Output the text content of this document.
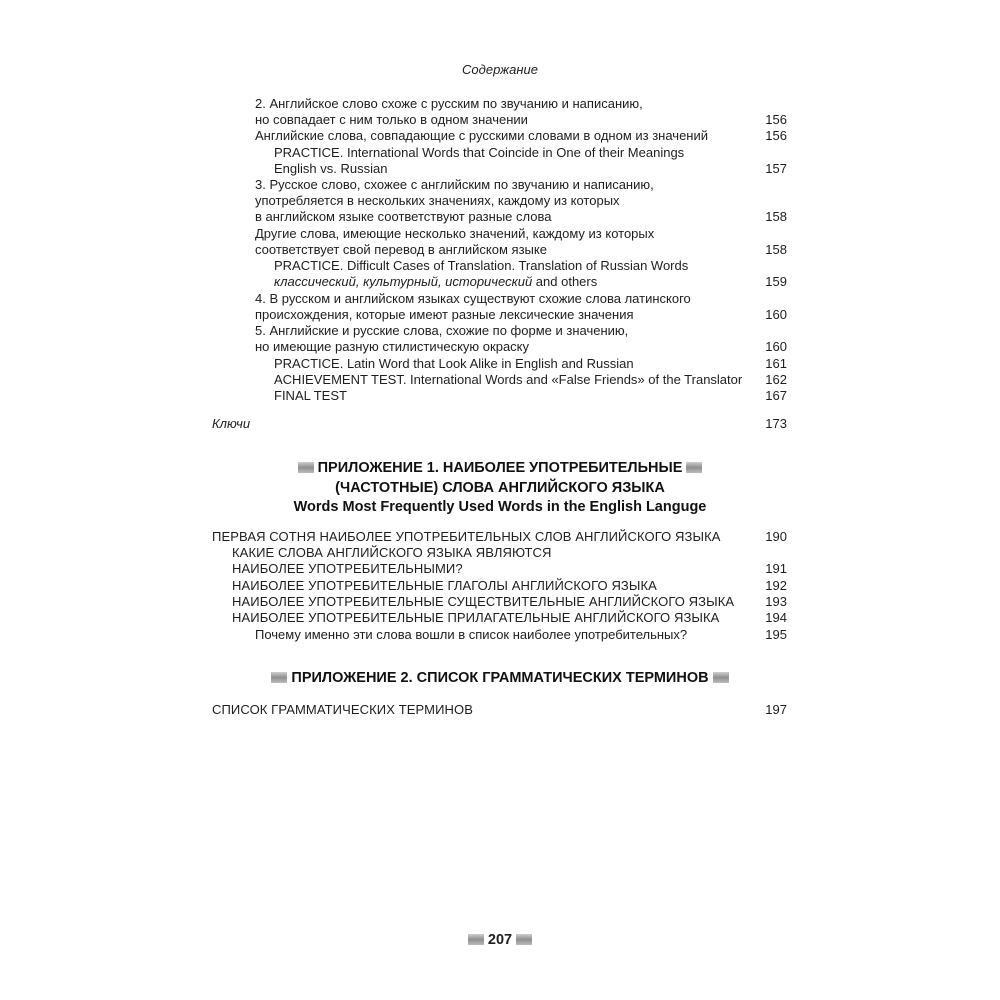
Содержание
2. Английское слово схоже с русским по звучанию и написанию,
но совпадает с ним только в одном значении	156
Английские слова, совпадающие с русскими словами в одном из значений	156
PRACTICE. International Words that Coincide in One of their Meanings
English vs. Russian	157
3. Русское слово, схожее с английским по звучанию и написанию,
употребляется в нескольких значениях, каждому из которых
в английском языке соответствуют разные слова	158
Другие слова, имеющие несколько значений, каждому из которых
соответствует свой перевод в английском языке	158
PRACTICE. Difficult Cases of Translation. Translation of Russian Words
классический, культурный, исторический and others	159
4. В русском и английском языках существуют схожие слова латинского
происхождения, которые имеют разные лексические значения	160
5. Английские и русские слова, схожие по форме и значению,
но имеющие разную стилистическую окраску	160
PRACTICE. Latin Word that Look Alike in English and Russian	161
ACHIEVEMENT TEST. International Words and «False Friends» of the Translator	162
FINAL TEST	167
Ключи	173
ПРИЛОЖЕНИЕ 1. НАИБОЛЕЕ УПОТРЕБИТЕЛЬНЫЕ
(ЧАСТОТНЫЕ) СЛОВА АНГЛИЙСКОГО ЯЗЫКА
Words Most Frequently Used Words in the English Languge
ПЕРВАЯ СОТНЯ НАИБОЛЕЕ УПОТРЕБИТЕЛЬНЫХ СЛОВ АНГЛИЙСКОГО ЯЗЫКА	190
КАКИЕ СЛОВА АНГЛИЙСКОГО ЯЗЫКА ЯВЛЯЮТСЯ
НАИБОЛЕЕ УПОТРЕБИТЕЛЬНЫМИ?	191
НАИБОЛЕЕ УПОТРЕБИТЕЛЬНЫЕ ГЛАГОЛЫ АНГЛИЙСКОГО ЯЗЫКА	192
НАИБОЛЕЕ УПОТРЕБИТЕЛЬНЫЕ СУЩЕСТВИТЕЛЬНЫЕ АНГЛИЙСКОГО ЯЗЫКА	193
НАИБОЛЕЕ УПОТРЕБИТЕЛЬНЫЕ ПРИЛАГАТЕЛЬНЫЕ АНГЛИЙСКОГО ЯЗЫКА	194
Почему именно эти слова вошли в список наиболее употребительных?	195
ПРИЛОЖЕНИЕ 2. СПИСОК ГРАММАТИЧЕСКИХ ТЕРМИНОВ
СПИСОК ГРАММАТИЧЕСКИХ ТЕРМИНОВ	197
207
